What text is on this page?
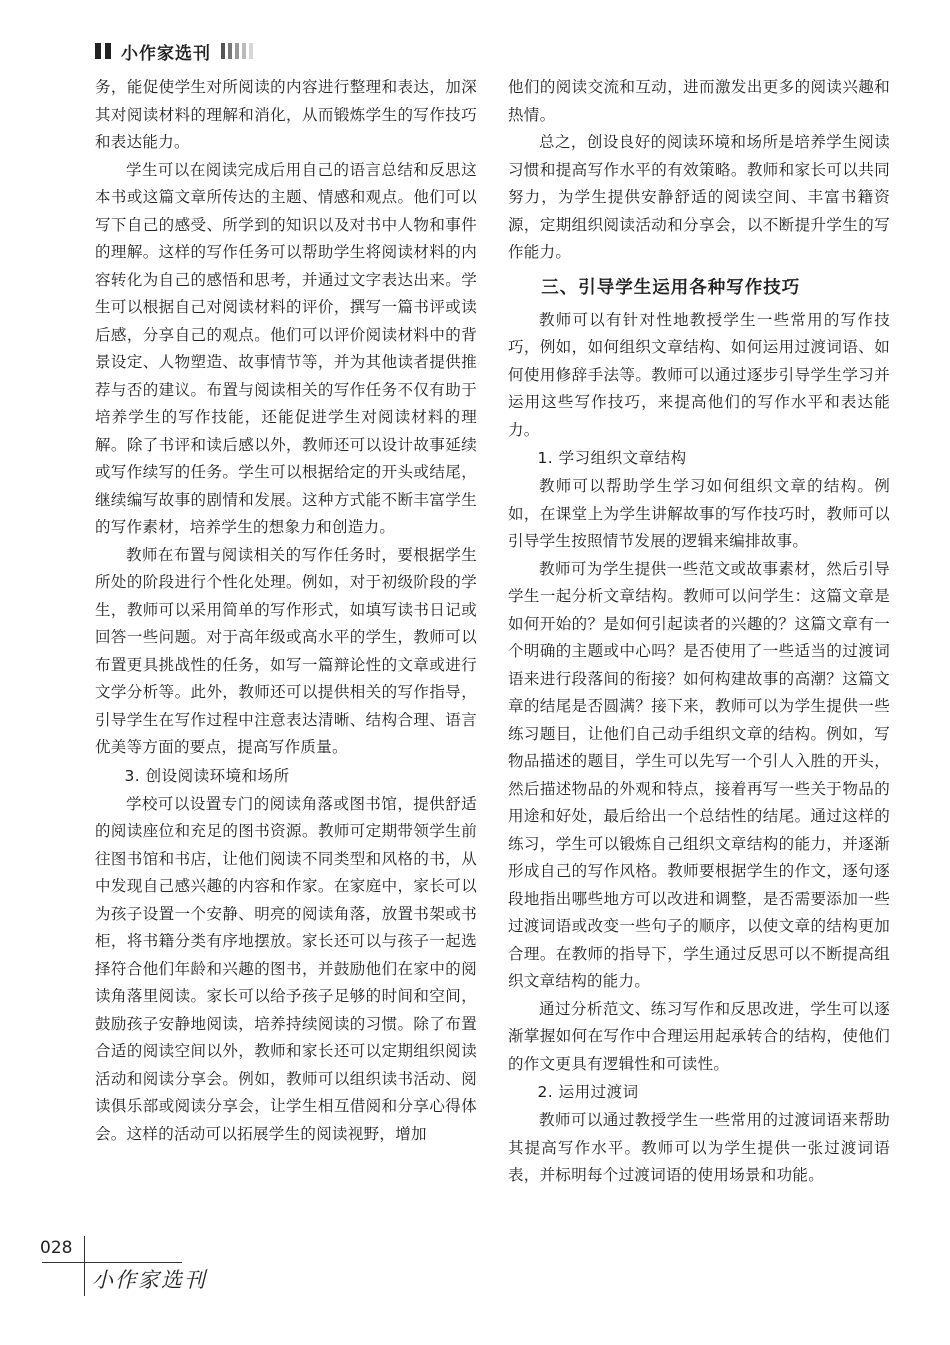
小作家选刊

务，能促使学生对所阅读的内容进行整理和表达，加深其对阅读材料的理解和消化，从而锻炼学生的写作技巧和表达能力。

学生可以在阅读完成后用自己的语言总结和反思这本书或这篇文章所传达的主题、情感和观点。他们可以写下自己的感受、所学到的知识以及对书中人物和事件的理解。这样的写作任务可以帮助学生将阅读材料的内容转化为自己的感悟和思考，并通过文字表达出来。学生可以根据自己对阅读材料的评价，撰写一篇书评或读后感，分享自己的观点。他们可以评价阅读材料中的背景设定、人物塑造、故事情节等，并为其他读者提供推荐与否的建议。布置与阅读相关的写作任务不仅有助于培养学生的写作技能，还能促进学生对阅读材料的理解。除了书评和读后感以外，教师还可以设计故事延续或写作续写的任务。学生可以根据给定的开头或结尾，继续编写故事的剧情和发展。这种方式能不断丰富学生的写作素材，培养学生的想象力和创造力。

教师在布置与阅读相关的写作任务时，要根据学生所处的阶段进行个性化处理。例如，对于初级阶段的学生，教师可以采用简单的写作形式，如填写读书日记或回答一些问题。对于高年级或高水平的学生，教师可以布置更具挑战性的任务，如写一篇辩论性的文章或进行文学分析等。此外，教师还可以提供相关的写作指导，引导学生在写作过程中注意表达清晰、结构合理、语言优美等方面的要点，提高写作质量。

3. 创设阅读环境和场所

学校可以设置专门的阅读角落或图书馆，提供舒适的阅读座位和充足的图书资源。教师可定期带领学生前往图书馆和书店，让他们阅读不同类型和风格的书，从中发现自己感兴趣的内容和作家。在家庭中，家长可以为孩子设置一个安静、明亮的阅读角落，放置书架或书柜，将书籍分类有序地摆放。家长还可以与孩子一起选择符合他们年龄和兴趣的图书，并鼓励他们在家中的阅读角落里阅读。家长可以给予孩子足够的时间和空间，鼓励孩子安静地阅读，培养持续阅读的习惯。除了布置合适的阅读空间以外，教师和家长还可以定期组织阅读活动和阅读分享会。例如，教师可以组织读书活动、阅读俱乐部或阅读分享会，让学生相互借阅和分享心得体会。这样的活动可以拓展学生的阅读视野，增加

他们的阅读交流和互动，进而激发出更多的阅读兴趣和热情。

总之，创设良好的阅读环境和场所是培养学生阅读习惯和提高写作水平的有效策略。教师和家长可以共同努力，为学生提供安静舒适的阅读空间、丰富书籍资源，定期组织阅读活动和分享会，以不断提升学生的写作能力。

三、引导学生运用各种写作技巧

教师可以有针对性地教授学生一些常用的写作技巧，例如，如何组织文章结构、如何运用过渡词语、如何使用修辞手法等。教师可以通过逐步引导学生学习并运用这些写作技巧，来提高他们的写作水平和表达能力。

1. 学习组织文章结构

教师可以帮助学生学习如何组织文章的结构。例如，在课堂上为学生讲解故事的写作技巧时，教师可以引导学生按照情节发展的逻辑来编排故事。

教师可为学生提供一些范文或故事素材，然后引导学生一起分析文章结构。教师可以问学生：这篇文章是如何开始的？是如何引起读者的兴趣的？这篇文章有一个明确的主题或中心吗？是否使用了一些适当的过渡词语来进行段落间的衔接？如何构建故事的高潮？这篇文章的结尾是否圆满？接下来，教师可以为学生提供一些练习题目，让他们自己动手组织文章的结构。例如，写物品描述的题目，学生可以先写一个引人入胜的开头，然后描述物品的外观和特点，接着再写一些关于物品的用途和好处，最后给出一个总结性的结尾。通过这样的练习，学生可以锻炼自己组织文章结构的能力，并逐渐形成自己的写作风格。教师要根据学生的作文，逐句逐段地指出哪些地方可以改进和调整，是否需要添加一些过渡词语或改变一些句子的顺序，以使文章的结构更加合理。在教师的指导下，学生通过反思可以不断提高组织文章结构的能力。

通过分析范文、练习写作和反思改进，学生可以逐渐掌握如何在写作中合理运用起承转合的结构，使他们的作文更具有逻辑性和可读性。

2. 运用过渡词

教师可以通过教授学生一些常用的过渡词语来帮助其提高写作水平。教师可以为学生提供一张过渡词语表，并标明每个过渡词语的使用场景和功能。

028
小作家选刊
